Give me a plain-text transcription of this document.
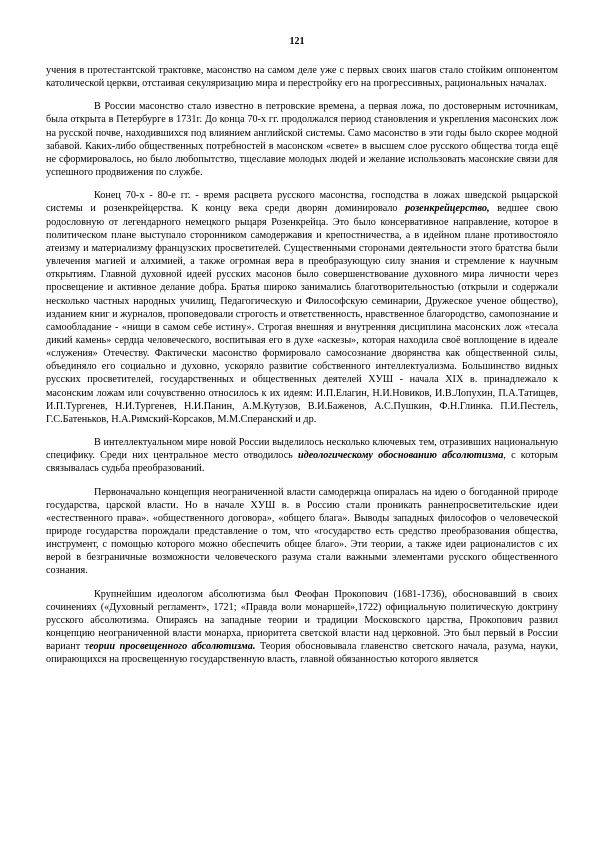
121

учения в протестантской трактовке, масонство на самом деле уже с первых своих шагов стало стойким оппонентом католической церкви, отстаивая секуляризацию мира и перестройку его на прогрессивных, рациональных началах.

В России масонство стало известно в петровские времена, а первая ложа, по достоверным источникам, была открыта в Петербурге в 1731г. До конца 70-х гг. продолжался период становления и укрепления масонских лож на русской почве, находившихся под влиянием английской системы. Само масонство в эти годы было скорее модной забавой. Каких-либо общественных потребностей в масонском «свете» в высшем слое русского общества тогда ещё не сформировалось, но было любопытство, тщеславие молодых людей и желание использовать масонские связи для успешного продвижения по службе.

Конец 70-х - 80-е гг. - время расцвета русского масонства, господства в ложах шведской рыцарской системы и розенкрейцерства. К концу века среди дворян доминировало розенкрейцерство, ведшее свою родословную от легендарного немецкого рыцаря Розенкрейца. Это было консервативное направление, которое в политическом плане выступало сторонником самодержавия и крепостничества, а в идейном плане противостояло атеизму и материализму французских просветителей. Существенными сторонами деятельности этого братства были увлечения магией и алхимией, а также огромная вера в преобразующую силу знания и стремление к научным открытиям. Главной духовной идеей русских масонов было совершенствование духовного мира личности через просвещение и активное делание добра. Братья широко занимались благотворительностью (открыли и содержали несколько частных народных училищ, Педагогическую и Философскую семинарии, Дружеское ученое общество), изданием книг и журналов, проповедовали строгость и ответственность, нравственное благородство, самопознание и самообладание - «нищи в самом себе истину». Строгая внешняя и внутренняя дисциплина масонских лож «тесала дикий камень» сердца человеческого, воспитывая его в духе «аскезы», которая находила своё воплощение в идеале «служения» Отечеству. Фактически масонство формировало самосознание дворянства как общественной силы, объединяло его социально и духовно, ускоряло развитие собственного интеллектуализма. Большинство видных русских просветителей, государственных и общественных деятелей ХУШ - начала XIX в. принадлежало к масонским ложам или сочувственно относилось к их идеям: И.П.Елагин, Н.И.Новиков, И.В.Лопухин, П.А.Татищев, И.П.Тургенев, Н.И.Тургенев, Н.И.Панин, А.М.Кутузов, В.И.Баженов, А.С.Пушкин, Ф.Н.Глинка. П.И.Пестель, Г.С.Батеньков, Н.А.Римский-Корсаков, М.М.Сперанский и др.

В интеллектуальном мире новой России выделилось несколько ключевых тем, отразивших национальную специфику. Среди них центральное место отводилось идеологическому обоснованию абсолютизма, с которым связывалась судьба преобразований.

Первоначально концепция неограниченной власти самодержца опиралась на идею о богоданной природе государства, царской власти. Но в начале ХУШ в. в Россию стали проникать раннепросветительские идеи «естественного права». «общественного договора», «общего блага». Выводы западных философов о человеческой природе государства порождали представление о том, что «государство есть средство преобразования общества, инструмент, с помощью которого можно обеспечить общее благо». Эти теории, а также идеи рационалистов с их верой в безграничные возможности человеческого разума стали важными элементами русского общественного сознания.

Крупнейшим идеологом абсолютизма был Феофан Прокопович (1681-1736), обосновавший в своих сочинениях («Духовный регламент», 1721; «Правда воли монаршей»,1722) официальную политическую доктрину русского абсолютизма. Опираясь на западные теории и традиции Московского царства, Прокопович развил концепцию неограниченной власти монарха, приоритета светской власти над церковной. Это был первый в России вариант теории просвещенного абсолютизма. Теория обосновывала главенство светского начала, разума, науки, опирающихся на просвещенную государственную власть, главной обязанностью которого является
